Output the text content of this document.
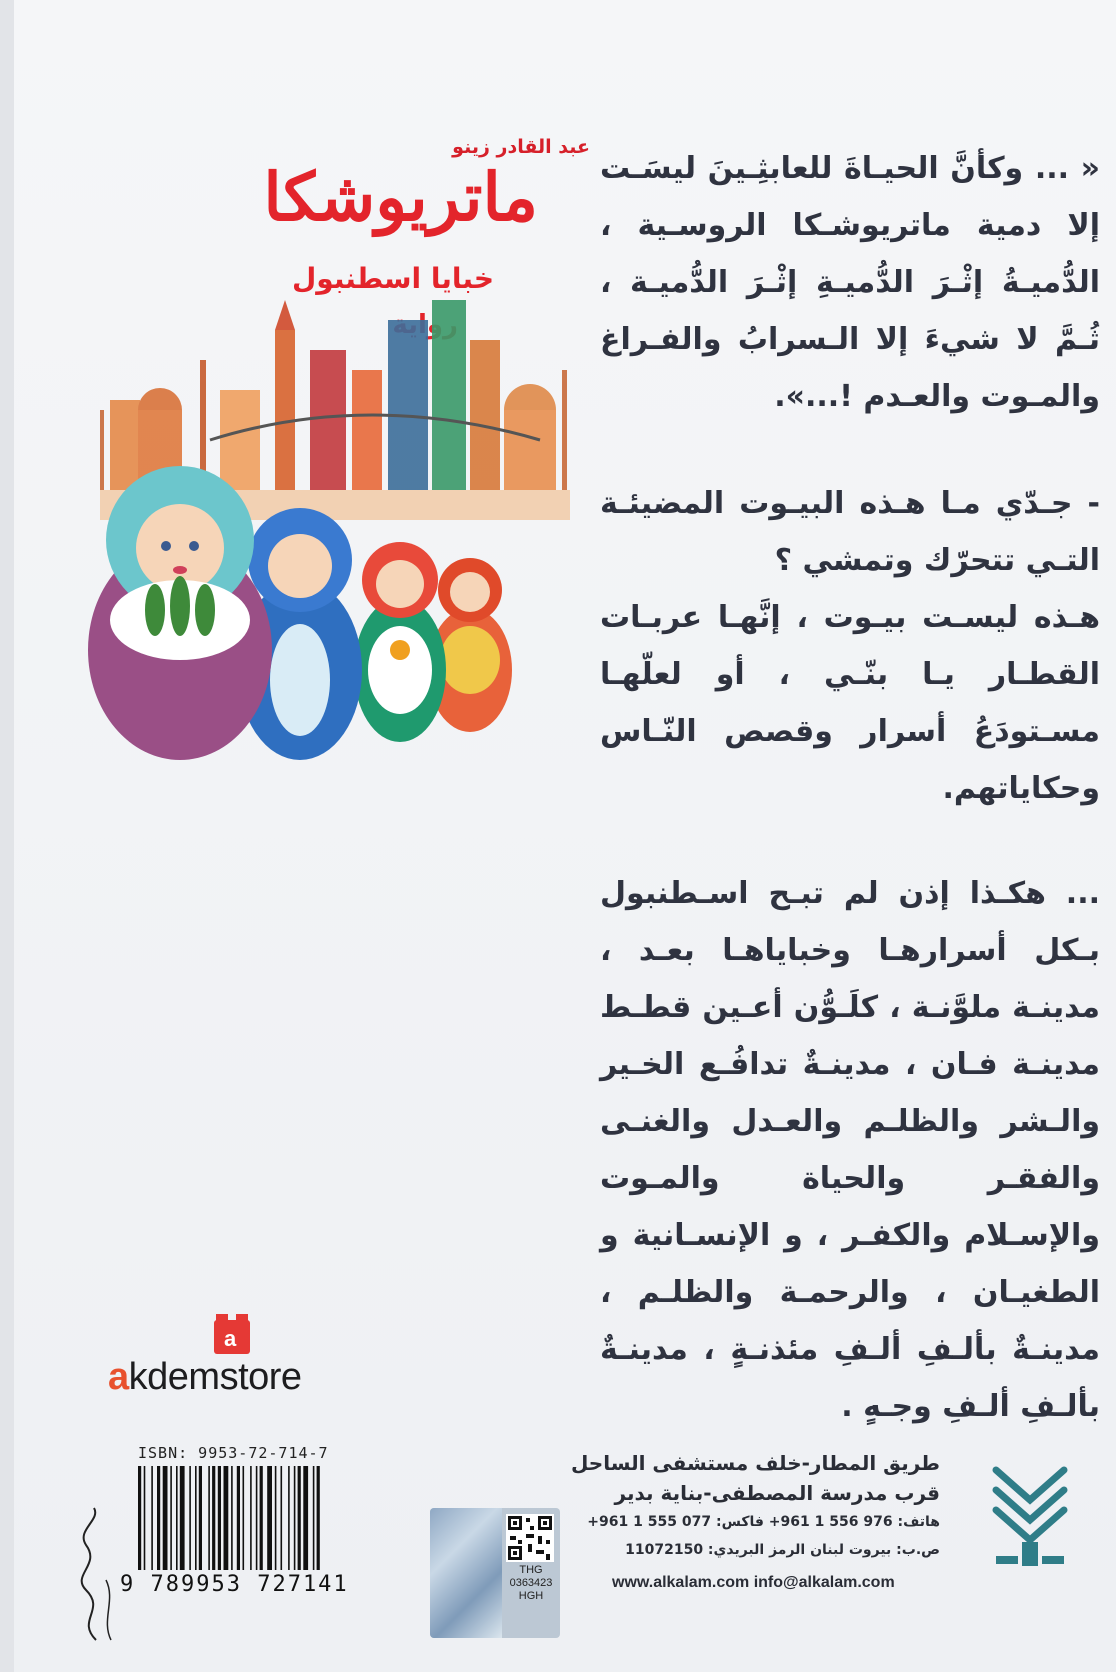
« ... وكأنَّ الحيـاةَ للعابثِـينَ ليسَـت إلا دمية ماتريوشـكا الروسـية ، الدُّميـةُ إثْـرَ الدُّميـةِ إثْـرَ الدُّميـة ، ثُـمَّ لا شيءَ إلا الـسرابُ والفـراغ والمـوت والعـدم !...».

- جـدّي مـا هـذه البيـوت المضيئـة التـي تتحرّك وتمشي ؟

هـذه ليسـت بيـوت ، إنَّهـا عربـات القطـار يـا بنّـي ، أو لعلّهـا مسـتودَعُ أسرار وقصص النّـاس وحكاياتهم.

... هكـذا إذن لم تبـح اسـطنبول بـكل أسرارهـا وخباياهـا بعـد ، مدينـة ملوَّنـة ، كلَـوُّن أعـين قطـط مدينـة فـان ، مدينـةٌ تدافُـع الخـير والـشر والظلـم والعـدل والغنـى والفقـر والحياة والمـوت والإسـلام والكفـر ، و الإنسـانية و الطغيـان ، والرحمـة والظلـم ، مدينـةٌ بألـفِ ألـفِ مئذنـةٍ ، مدينـةٌ بألـفِ ألـفِ وجـهٍ .

عبد القادر زينو
ماتريوشكا
خبايا اسطنبول
a
akdemstore
ISBN: 9953-72-714-7
9 789953 727141
THG
0363423
HGH
طريق المطار-خلف مستشفى الساحل
قرب مدرسة المصطفى-بناية بدير
هاتف: 976 556 1 961+ فاكس: 077 555 1 961+
ص.ب: بيروت لبنان الرمز البريدي: 11072150
www.alkalam.com info@alkalam.com
